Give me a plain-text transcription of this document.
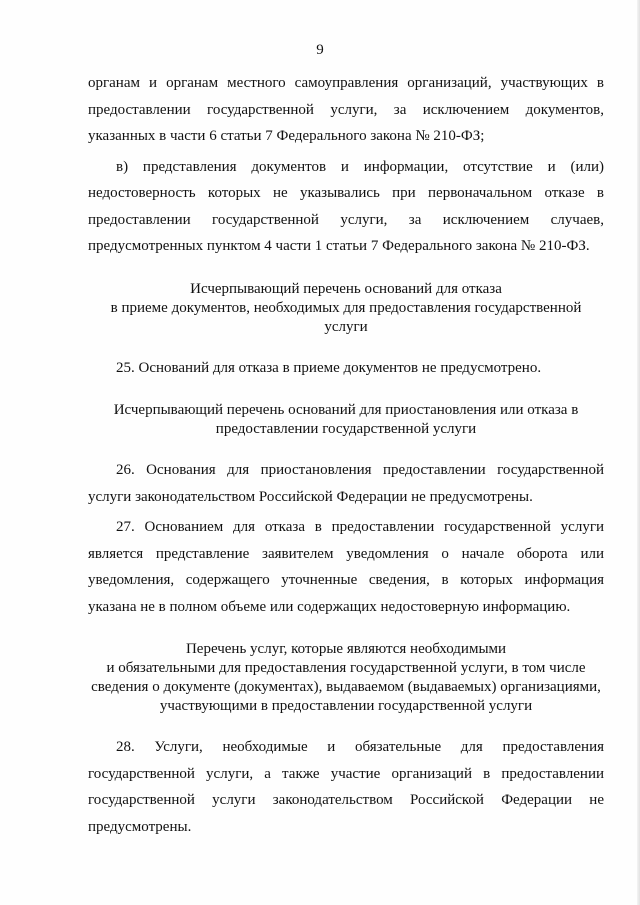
9

органам и органам местного самоуправления организаций, участвующих в предоставлении государственной услуги, за исключением документов, указанных в части 6 статьи 7 Федерального закона № 210-ФЗ;

в) представления документов и информации, отсутствие и (или) недостоверность которых не указывались при первоначальном отказе в предоставлении государственной услуги, за исключением случаев, предусмотренных пунктом 4 части 1 статьи 7 Федерального закона № 210-ФЗ.

Исчерпывающий перечень оснований для отказа

в приеме документов, необходимых для предоставления государственной

услуги

25. Оснований для отказа в приеме документов не предусмотрено.

Исчерпывающий перечень оснований для приостановления или отказа в

предоставлении государственной услуги

26. Основания для приостановления предоставлении государственной услуги законодательством Российской Федерации не предусмотрены.

27. Основанием для отказа в предоставлении государственной услуги является представление заявителем уведомления о начале оборота или уведомления, содержащего уточненные сведения, в которых информация указана не в полном объеме или содержащих недостоверную информацию.

Перечень услуг, которые являются необходимыми

и обязательными для предоставления государственной услуги, в том числе

сведения о документе (документах), выдаваемом (выдаваемых) организациями,

участвующими в предоставлении государственной услуги

28. Услуги, необходимые и обязательные для предоставления государственной услуги, а также участие организаций в предоставлении государственной услуги законодательством Российской Федерации не предусмотрены.
